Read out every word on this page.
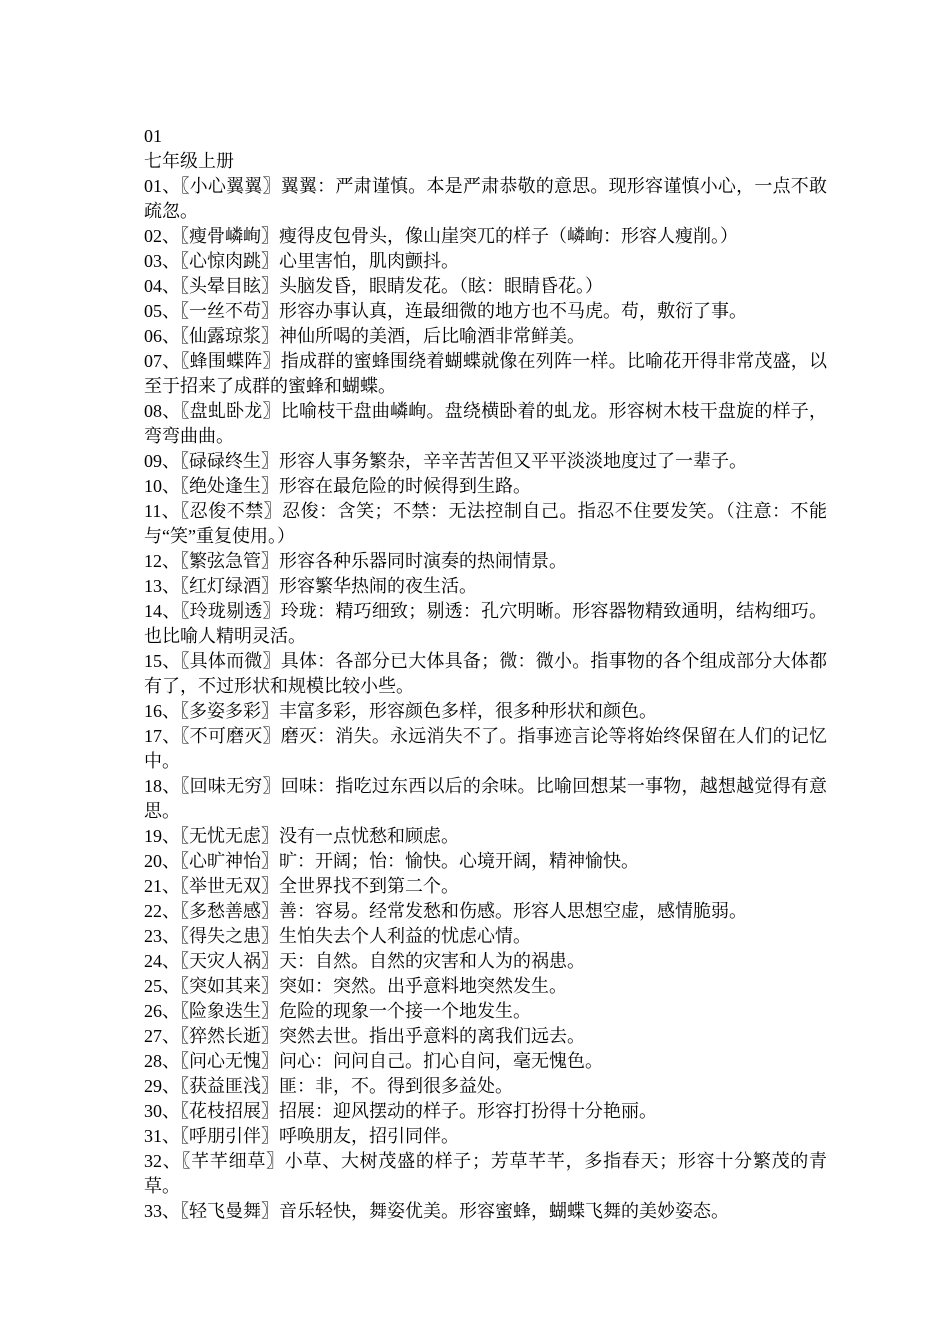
01

七年级上册

01、〖小心翼翼〗翼翼：严肃谨慎。本是严肃恭敬的意思。现形容谨慎小心，一点不敢疏忽。

02、〖瘦骨嶙峋〗瘦得皮包骨头，像山崖突兀的样子（嶙峋：形容人瘦削。）

03、〖心惊肉跳〗心里害怕，肌肉颤抖。

04、〖头晕目眩〗头脑发昏，眼睛发花。（眩：眼睛昏花。）

05、〖一丝不苟〗形容办事认真，连最细微的地方也不马虎。苟，敷衍了事。

06、〖仙露琼浆〗神仙所喝的美酒，后比喻酒非常鲜美。

07、〖蜂围蝶阵〗指成群的蜜蜂围绕着蝴蝶就像在列阵一样。比喻花开得非常茂盛，以至于招来了成群的蜜蜂和蝴蝶。

08、〖盘虬卧龙〗比喻枝干盘曲嶙峋。盘绕横卧着的虬龙。形容树木枝干盘旋的样子，弯弯曲曲。

09、〖碌碌终生〗形容人事务繁杂，辛辛苦苦但又平平淡淡地度过了一辈子。

10、〖绝处逢生〗形容在最危险的时候得到生路。

11、〖忍俊不禁〗忍俊：含笑；不禁：无法控制自己。指忍不住要发笑。（注意：不能与“笑”重复使用。）

12、〖繁弦急管〗形容各种乐器同时演奏的热闹情景。

13、〖红灯绿酒〗形容繁华热闹的夜生活。

14、〖玲珑剔透〗玲珑：精巧细致；剔透：孔穴明晰。形容器物精致通明，结构细巧。也比喻人精明灵活。

15、〖具体而微〗具体：各部分已大体具备；微：微小。指事物的各个组成部分大体都有了，不过形状和规模比较小些。

16、〖多姿多彩〗丰富多彩，形容颜色多样，很多种形状和颜色。

17、〖不可磨灭〗磨灭：消失。永远消失不了。指事迹言论等将始终保留在人们的记忆中。

18、〖回味无穷〗回味：指吃过东西以后的余味。比喻回想某一事物，越想越觉得有意思。

19、〖无忧无虑〗没有一点忧愁和顾虑。

20、〖心旷神怡〗旷：开阔；怡：愉快。心境开阔，精神愉快。

21、〖举世无双〗全世界找不到第二个。

22、〖多愁善感〗善：容易。经常发愁和伤感。形容人思想空虚，感情脆弱。

23、〖得失之患〗生怕失去个人利益的忧虑心情。

24、〖天灾人祸〗天：自然。自然的灾害和人为的祸患。

25、〖突如其来〗突如：突然。出乎意料地突然发生。

26、〖险象迭生〗危险的现象一个接一个地发生。

27、〖猝然长逝〗突然去世。指出乎意料的离我们远去。

28、〖问心无愧〗问心：问问自己。扪心自问，毫无愧色。

29、〖获益匪浅〗匪：非，不。得到很多益处。

30、〖花枝招展〗招展：迎风摆动的样子。形容打扮得十分艳丽。

31、〖呼朋引伴〗呼唤朋友，招引同伴。

32、〖芊芊细草〗小草、大树茂盛的样子；芳草芊芊，多指春天；形容十分繁茂的青草。

33、〖轻飞曼舞〗音乐轻快，舞姿优美。形容蜜蜂，蝴蝶飞舞的美妙姿态。
